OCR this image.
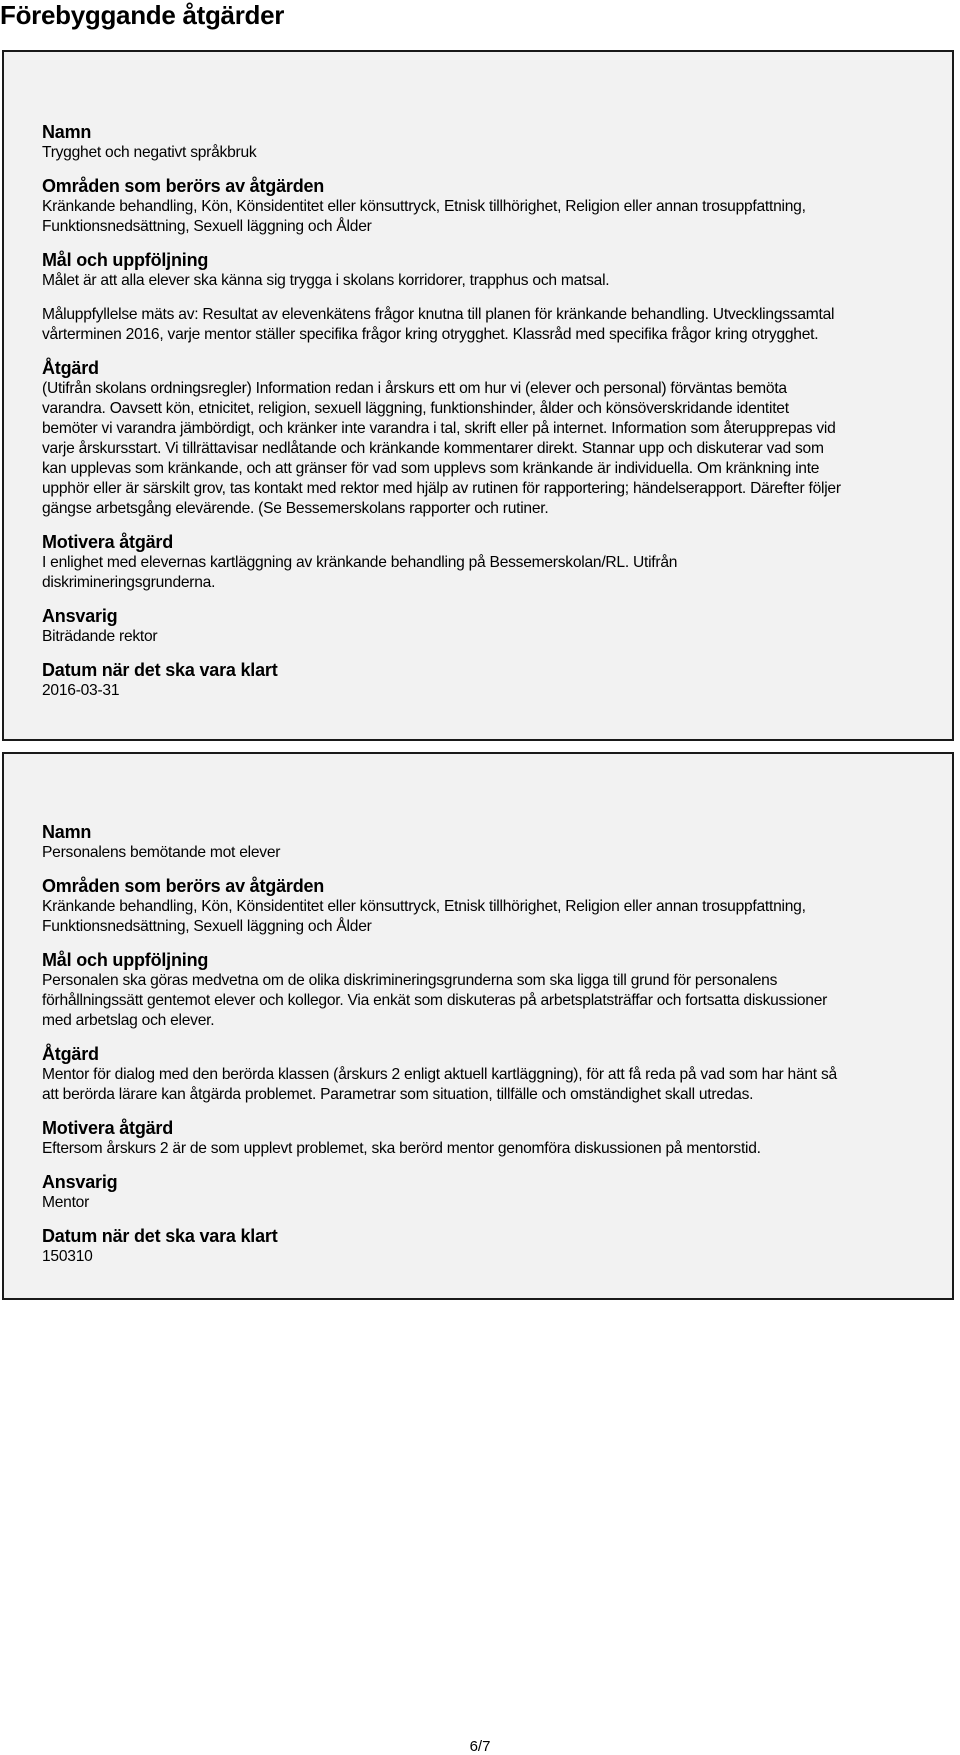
Förebyggande åtgärder

Namn

Trygghet och negativt språkbruk

Områden som berörs av åtgärden

Kränkande behandling, Kön, Könsidentitet eller könsuttryck, Etnisk tillhörighet, Religion eller annan trosuppfattning,
Funktionsnedsättning, Sexuell läggning och Ålder

Mål och uppföljning

Målet är att alla elever ska känna sig trygga i skolans korridorer, trapphus och matsal.

Måluppfyllelse mäts av: Resultat av elevenkätens frågor knutna till planen för kränkande behandling. Utvecklingssamtal
vårterminen 2016, varje mentor ställer specifika frågor kring otrygghet. Klassråd med specifika frågor kring otrygghet.

Åtgärd

(Utifrån skolans ordningsregler) Information redan i årskurs ett om hur vi (elever och personal) förväntas bemöta
varandra. Oavsett kön, etnicitet, religion, sexuell läggning, funktionshinder, ålder och könsöverskridande identitet
bemöter vi varandra jämbördigt, och kränker inte varandra i tal, skrift eller på internet. Information som återupprepas vid
varje årskursstart. Vi tillrättavisar nedlåtande och kränkande kommentarer direkt. Stannar upp och diskuterar vad som
kan upplevas som kränkande, och att gränser för vad som upplevs som kränkande är individuella. Om kränkning inte
upphör eller är särskilt grov, tas kontakt med rektor med hjälp av rutinen för rapportering; händelserapport. Därefter följer
gängse arbetsgång elevärende. (Se Bessemerskolans rapporter och rutiner.

Motivera åtgärd

I enlighet med elevernas kartläggning av kränkande behandling på Bessemerskolan/RL. Utifrån
diskrimineringsgrunderna.

Ansvarig

Biträdande rektor

Datum när det ska vara klart

2016-03-31

Namn

Personalens bemötande mot elever

Områden som berörs av åtgärden

Kränkande behandling, Kön, Könsidentitet eller könsuttryck, Etnisk tillhörighet, Religion eller annan trosuppfattning,
Funktionsnedsättning, Sexuell läggning och Ålder

Mål och uppföljning

Personalen ska göras medvetna om de olika diskrimineringsgrunderna som ska ligga till grund för personalens
förhållningssätt gentemot elever och kollegor. Via enkät som diskuteras på arbetsplatsträffar och fortsatta diskussioner
med arbetslag och elever.

Åtgärd

Mentor för dialog med den berörda klassen (årskurs 2 enligt aktuell kartläggning), för att få reda på vad som har hänt så
att berörda lärare kan åtgärda problemet. Parametrar som situation, tillfälle och omständighet skall utredas.

Motivera åtgärd

Eftersom årskurs 2 är de som upplevt problemet, ska berörd mentor genomföra diskussionen på mentorstid.

Ansvarig

Mentor

Datum när det ska vara klart

150310

6/7
